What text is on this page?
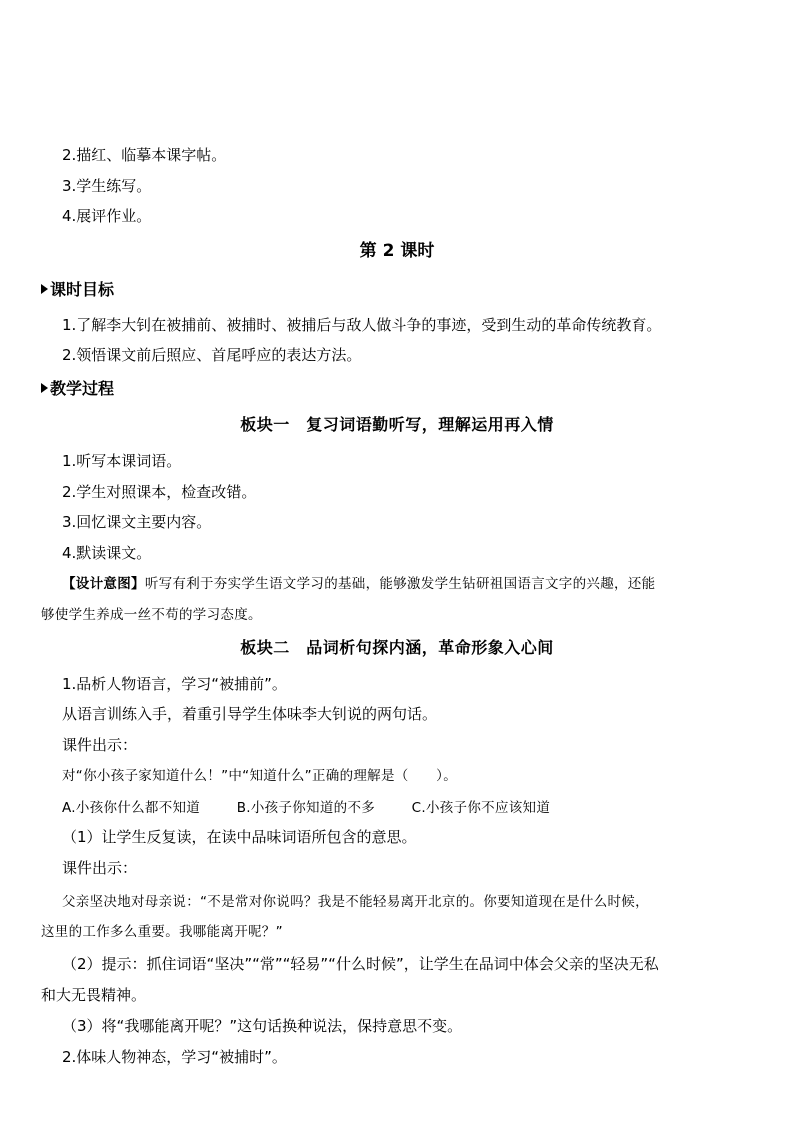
2.描红、临摹本课字帖。
3.学生练写。
4.展评作业。
第 2 课时
课时目标
1.了解李大钊在被捕前、被捕时、被捕后与敌人做斗争的事迹，受到生动的革命传统教育。
2.领悟课文前后照应、首尾呼应的表达方法。
教学过程
板块一　复习词语勤听写，理解运用再入情
1.听写本课词语。
2.学生对照课本，检查改错。
3.回忆课文主要内容。
4.默读课文。
【设计意图】听写有利于夯实学生语文学习的基础，能够激发学生钻研祖国语言文字的兴趣，还能
够使学生养成一丝不苟的学习态度。
板块二　品词析句探内涵，革命形象入心间
1.品析人物语言，学习“被捕前”。
从语言训练入手，着重引导学生体味李大钊说的两句话。
课件出示：
对“你小孩子家知道什么！”中“知道什么”正确的理解是（　　）。
A.小孩你什么都不知道	B.小孩子你知道的不多	C.小孩子你不应该知道
（1）让学生反复读，在读中品味词语所包含的意思。
课件出示：
父亲坚决地对母亲说：“不是常对你说吗？我是不能轻易离开北京的。你要知道现在是什么时候，
这里的工作多么重要。我哪能离开呢？”
（2）提示：抓住词语“坚决”“常”“轻易”“什么时候”，让学生在品词中体会父亲的坚决无私
和大无畏精神。
（3）将“我哪能离开呢？”这句话换种说法，保持意思不变。
2.体味人物神态，学习“被捕时”。
